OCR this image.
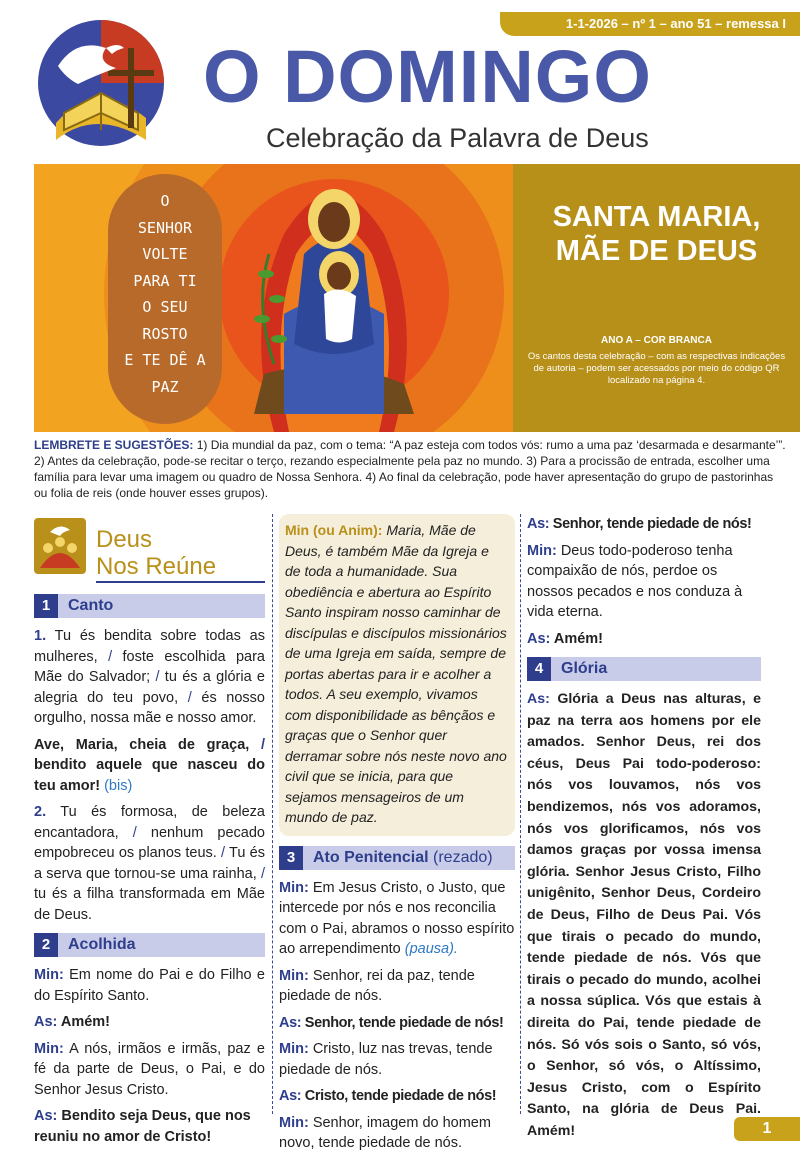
1-1-2026 – nº 1 – ano 51 – remessa I
O DOMINGO
Celebração da Palavra de Deus
O
SENHOR
VOLTE
PARA TI
O SEU
ROSTO
E TE DÊ A
PAZ
SANTA MARIA,
MÃE DE DEUS
ANO A – COR BRANCA
Os cantos desta celebração – com as respectivas indicações de autoria – podem ser acessados por meio do código QR localizado na página 4.
LEMBRETE E SUGESTÕES: 1) Dia mundial da paz, com o tema: “A paz esteja com todos vós: rumo a uma paz ‘desarmada e desarmante’”. 2) Antes da celebração, pode-se recitar o terço, rezando especialmente pela paz no mundo. 3) Para a procissão de entrada, escolher uma família para levar uma imagem ou quadro de Nossa Senhora. 4) Ao final da celebração, pode haver apresentação do grupo de pastorinhas ou folia de reis (onde houver esses grupos).
Deus
Nos Reúne
1	Canto
1. Tu és bendita sobre todas as mulheres, / foste escolhida para Mãe do Salvador; / tu és a glória e alegria do teu povo, / és nosso orgulho, nossa mãe e nosso amor.
Ave, Maria, cheia de graça, / bendito aquele que nasceu do teu amor! (bis)
2. Tu és formosa, de beleza encantadora, / nenhum pecado empobreceu os planos teus. / Tu és a serva que tornou-se uma rainha, / tu és a filha transformada em Mãe de Deus.
2	Acolhida
Min: Em nome do Pai e do Filho e do Espírito Santo.
As: Amém!
Min: A nós, irmãos e irmãs, paz e fé da parte de Deus, o Pai, e do Senhor Jesus Cristo.
As: Bendito seja Deus, que nos reuniu no amor de Cristo!
Min (ou Anim): Maria, Mãe de Deus, é também Mãe da Igreja e de toda a humanidade. Sua obediência e abertura ao Espírito Santo inspiram nosso caminhar de discípulas e discípulos missionários de uma Igreja em saída, sempre de portas abertas para ir e acolher a todos. A seu exemplo, vivamos com disponibilidade as bênçãos e graças que o Senhor quer derramar sobre nós neste novo ano civil que se inicia, para que sejamos mensageiros de um mundo de paz.
3	Ato Penitencial (rezado)
Min: Em Jesus Cristo, o Justo, que intercede por nós e nos reconcilia com o Pai, abramos o nosso espírito ao arrependimento (pausa).
Min: Senhor, rei da paz, tende piedade de nós.
As: Senhor, tende piedade de nós!
Min: Cristo, luz nas trevas, tende piedade de nós.
As: Cristo, tende piedade de nós!
Min: Senhor, imagem do homem novo, tende piedade de nós.
As: Senhor, tende piedade de nós!
Min: Deus todo-poderoso tenha compaixão de nós, perdoe os nossos pecados e nos conduza à vida eterna.
As: Amém!
4	Glória
As: Glória a Deus nas alturas, e paz na terra aos homens por ele amados. Senhor Deus, rei dos céus, Deus Pai todo-poderoso: nós vos louvamos, nós vos bendizemos, nós vos adoramos, nós vos glorificamos, nós vos damos graças por vossa imensa glória. Senhor Jesus Cristo, Filho unigênito, Senhor Deus, Cordeiro de Deus, Filho de Deus Pai. Vós que tirais o pecado do mundo, tende piedade de nós. Vós que tirais o pecado do mundo, acolhei a nossa súplica. Vós que estais à direita do Pai, tende piedade de nós. Só vós sois o Santo, só vós, o Senhor, só vós, o Altíssimo, Jesus Cristo, com o Espírito Santo, na glória de Deus Pai. Amém!	1
